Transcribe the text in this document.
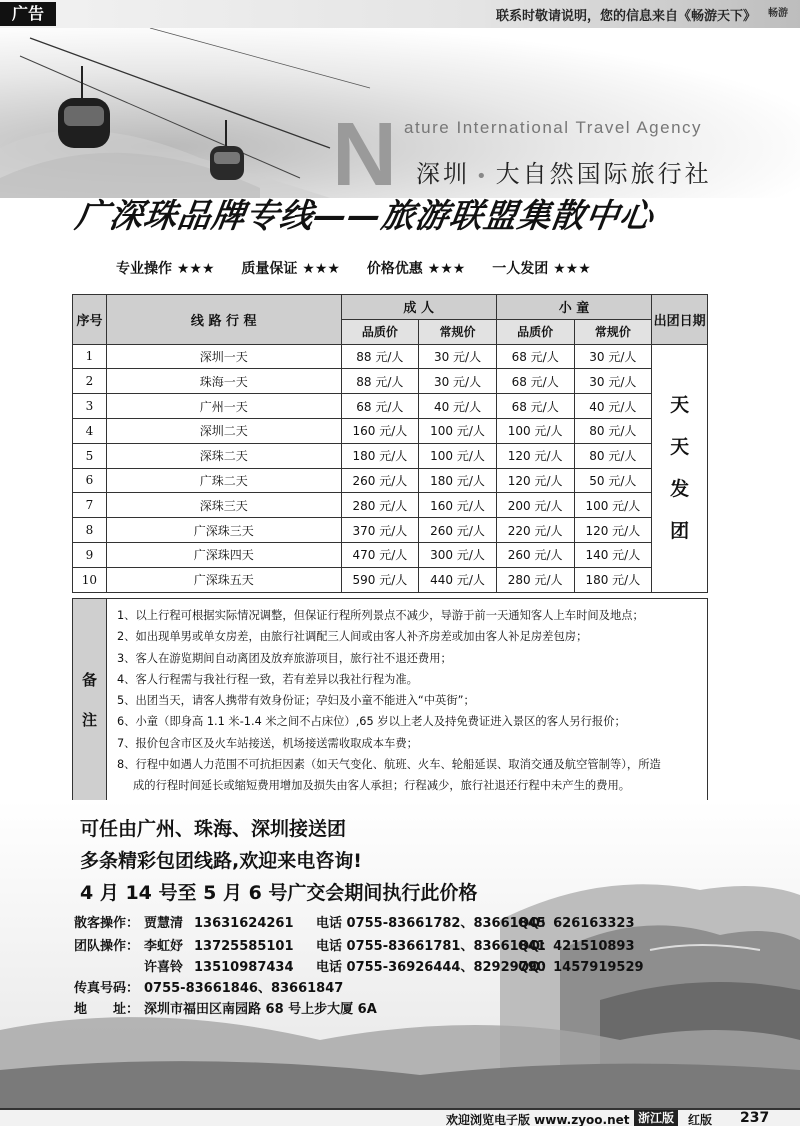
广告	联系时敬请说明，您的信息来自《畅游天下》	畅游
N ature International Travel Agency
深圳 • 大自然国际旅行社
广深珠品牌专线——旅游联盟集散中心
专业操作 ★★★ 质量保证 ★★★ 价格优惠 ★★★ 一人发团 ★★★
序号	线 路 行 程	成 人		小 童		出团日期
		品质价	常规价	品质价	常规价	
1	深圳一天	88 元/人	30 元/人	68 元/人	30 元/人	天
天
发
团

2	珠海一天	88 元/人	30 元/人	68 元/人	30 元/人	
3	广州一天	68 元/人	40 元/人	68 元/人	40 元/人	
4	深圳二天	160 元/人	100 元/人	100 元/人	80 元/人	
5	深珠二天	180 元/人	100 元/人	120 元/人	80 元/人	
6	广珠二天	260 元/人	180 元/人	120 元/人	50 元/人	
7	深珠三天	280 元/人	160 元/人	200 元/人	100 元/人	
8	广深珠三天	370 元/人	260 元/人	220 元/人	120 元/人	
9	广深珠四天	470 元/人	300 元/人	260 元/人	140 元/人	
10	广深珠五天	590 元/人	440 元/人	280 元/人	180 元/人	
备
注
1、以上行程可根据实际情况调整，但保证行程所列景点不减少，导游于前一天通知客人上车时间及地点；
2、如出现单男或单女房差，由旅行社调配三人间或由客人补齐房差或加由客人补足房差包房；
3、客人在游览期间自动离团及放弃旅游项目，旅行社不退还费用；
4、客人行程需与我社行程一致，若有差异以我社行程为准。
5、出团当天，请客人携带有效身份证；孕妇及小童不能进入“中英街”；
6、小童（即身高 1.1 米-1.4 米之间不占床位）,65 岁以上老人及持免费证进入景区的客人另行报价；
7、报价包含市区及火车站接送，机场接送需收取成本车费；
8、行程中如遇人力范围不可抗拒因素（如天气变化、航班、火车、轮船延误、取消交通及航空管制等），所造
成的行程时间延长或缩短费用增加及损失由客人承担；行程减少，旅行社退还行程中未产生的费用。
可任由广州、珠海、深圳接送团
多条精彩包团线路,欢迎来电咨询!
4 月 14 号至 5 月 6 号广交会期间执行此价格
散客操作： 贾慧清 13631624261 电话 0755-83661782、83661845QQ：626163323
团队操作： 李虹妤 13725585101 电话 0755-83661781、83661841QQ：421510893
许喜铃 13510987434 电话 0755-36926444、82929790QQ：1457919529
传真号码： 0755-83661846、83661847
地　　址： 深圳市福田区南园路 68 号上步大厦 6A
欢迎浏览电子版 www.zyoo.net 浙江版	红版 237
